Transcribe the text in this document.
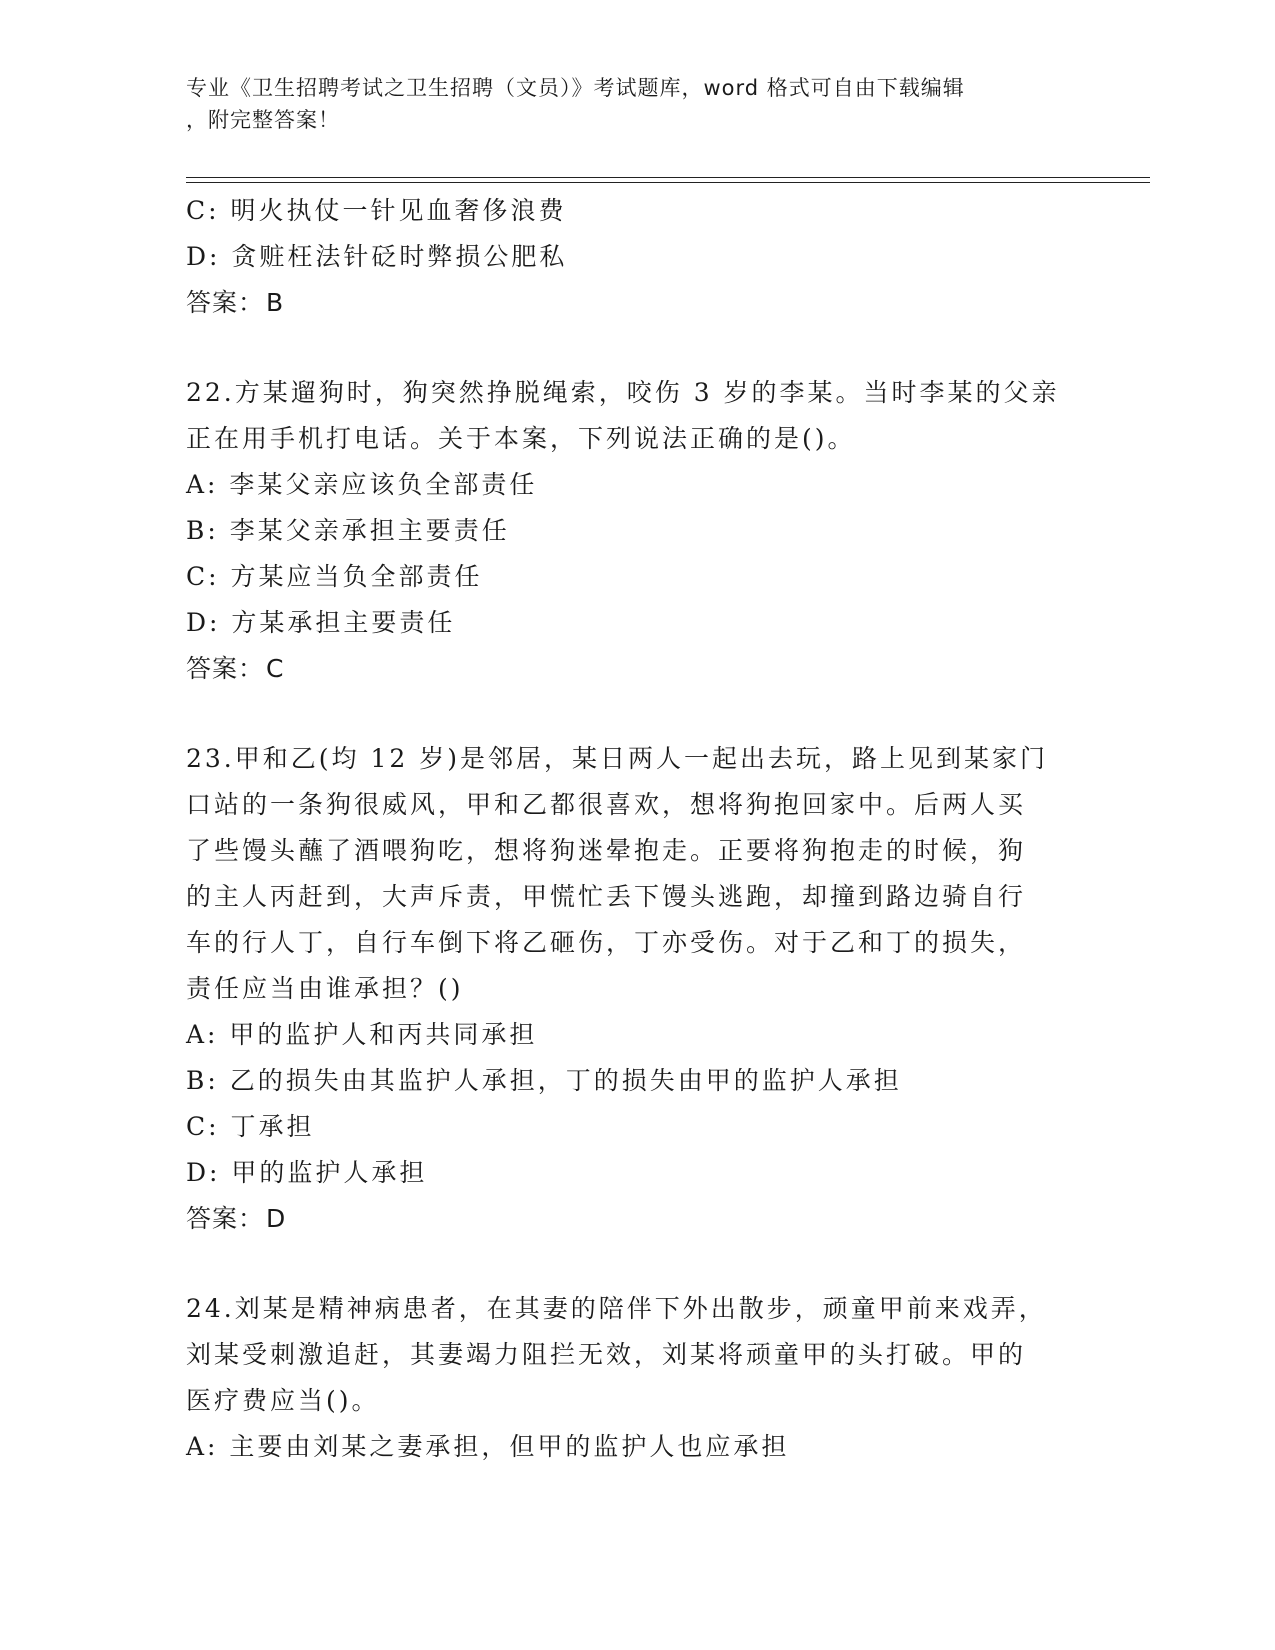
专业《卫生招聘考试之卫生招聘（文员）》考试题库，word 格式可自由下载编辑
，附完整答案！
C: 明火执仗一针见血奢侈浪费
D: 贪赃枉法针砭时弊损公肥私
答案：B
22.方某遛狗时，狗突然挣脱绳索，咬伤 3 岁的李某。当时李某的父亲
正在用手机打电话。关于本案，下列说法正确的是()。
A: 李某父亲应该负全部责任
B: 李某父亲承担主要责任
C: 方某应当负全部责任
D: 方某承担主要责任
答案：C
23.甲和乙(均 12 岁)是邻居，某日两人一起出去玩，路上见到某家门
口站的一条狗很威风，甲和乙都很喜欢，想将狗抱回家中。后两人买
了些馒头蘸了酒喂狗吃，想将狗迷晕抱走。正要将狗抱走的时候，狗
的主人丙赶到，大声斥责，甲慌忙丢下馒头逃跑，却撞到路边骑自行
车的行人丁，自行车倒下将乙砸伤，丁亦受伤。对于乙和丁的损失，
责任应当由谁承担？()
A: 甲的监护人和丙共同承担
B: 乙的损失由其监护人承担，丁的损失由甲的监护人承担
C: 丁承担
D: 甲的监护人承担
答案：D
24.刘某是精神病患者，在其妻的陪伴下外出散步，顽童甲前来戏弄，
刘某受刺激追赶，其妻竭力阻拦无效，刘某将顽童甲的头打破。甲的
医疗费应当()。
A: 主要由刘某之妻承担，但甲的监护人也应承担
